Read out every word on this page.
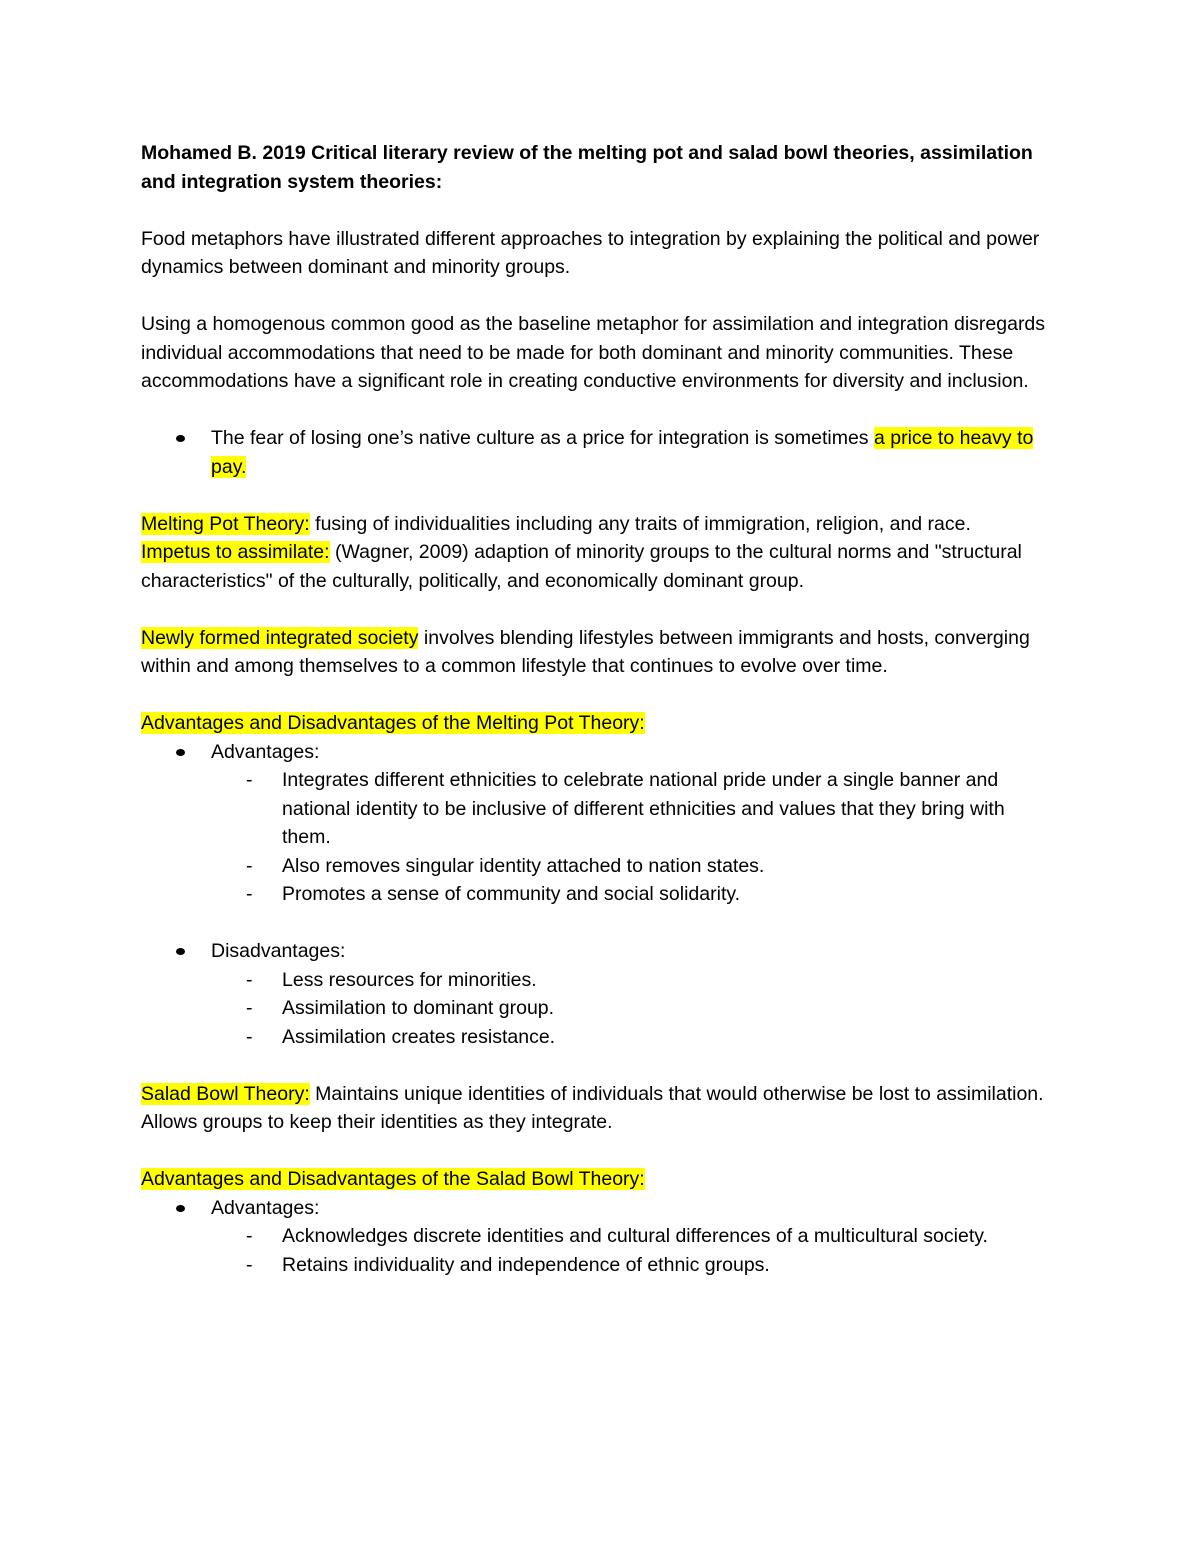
Mohamed B. 2019 Critical literary review of the melting pot and salad bowl theories, assimilation and integration system theories:

Food metaphors have illustrated different approaches to integration by explaining the political and power dynamics between dominant and minority groups.

Using a homogenous common good as the baseline metaphor for assimilation and integration disregards individual accommodations that need to be made for both dominant and minority communities. These accommodations have a significant role in creating conductive environments for diversity and inclusion.

The fear of losing one’s native culture as a price for integration is sometimes a price to heavy to pay.

Melting Pot Theory: fusing of individualities including any traits of immigration, religion, and race.

Impetus to assimilate: (Wagner, 2009) adaption of minority groups to the cultural norms and "structural characteristics" of the culturally, politically, and economically dominant group.

Newly formed integrated society involves blending lifestyles between immigrants and hosts, converging within and among themselves to a common lifestyle that continues to evolve over time.

Advantages and Disadvantages of the Melting Pot Theory:

Advantages:
- Integrates different ethnicities to celebrate national pride under a single banner and national identity to be inclusive of different ethnicities and values that they bring with them.
- Also removes singular identity attached to nation states.
- Promotes a sense of community and social solidarity.
Disadvantages:
- Less resources for minorities.
- Assimilation to dominant group.
- Assimilation creates resistance.

Salad Bowl Theory: Maintains unique identities of individuals that would otherwise be lost to assimilation. Allows groups to keep their identities as they integrate.

Advantages and Disadvantages of the Salad Bowl Theory:

Advantages:
- Acknowledges discrete identities and cultural differences of a multicultural society.
- Retains individuality and independence of ethnic groups.
